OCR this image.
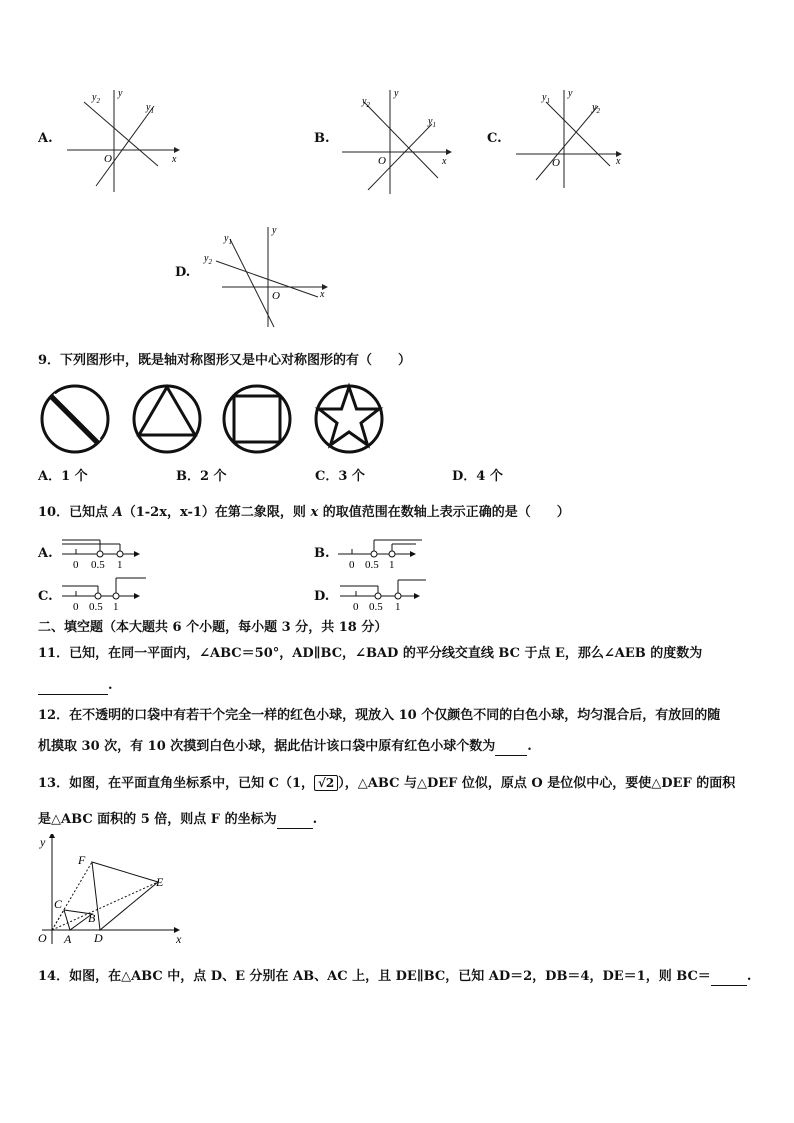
A.
x
y
O
$y_2$
$y_1$
B.
x
y
O
$y_2$
$y_1$
C.
x
y
O
$y_1$
$y_2$
D.
x
y
O
$y_1$
$y_2$
9．下列图形中，既是轴对称图形又是中心对称图形的有（　　）
A．1 个	B．2 个	C．3 个	D．4 个
10．已知点 A（1-2x，x-1）在第二象限，则 x 的取值范围在数轴上表示正确的是（　　）
A.
0 0.5 1
B.
0 0.5 1
C.
0 0.5 1
D.
0 0.5 1
二、填空题（本大题共 6 个小题，每小题 3 分，共 18 分）
11．已知，在同一平面内，∠ABC＝50°，AD∥BC，∠BAD 的平分线交直线 BC 于点 E，那么∠AEB 的度数为
.
12．在不透明的口袋中有若干个完全一样的红色小球，现放入 10 个仅颜色不同的白色小球，均匀混合后，有放回的随
机摸取 30 次，有 10 次摸到白色小球，据此估计该口袋中原有红色小球个数为 .
13．如图，在平面直角坐标系中，已知 C（1， √2 ），△ABC 与△DEF 位似，原点 O 是位似中心，要使△DEF 的面积
是△ABC 面积的 5 倍，则点 F 的坐标为	.
x
y
O A
B
C
D
E
F
14．如图，在△ABC 中，点 D、E 分别在 AB、AC 上，且 DE∥BC，已知 AD＝2，DB＝4，DE＝1，则 BC＝	.
